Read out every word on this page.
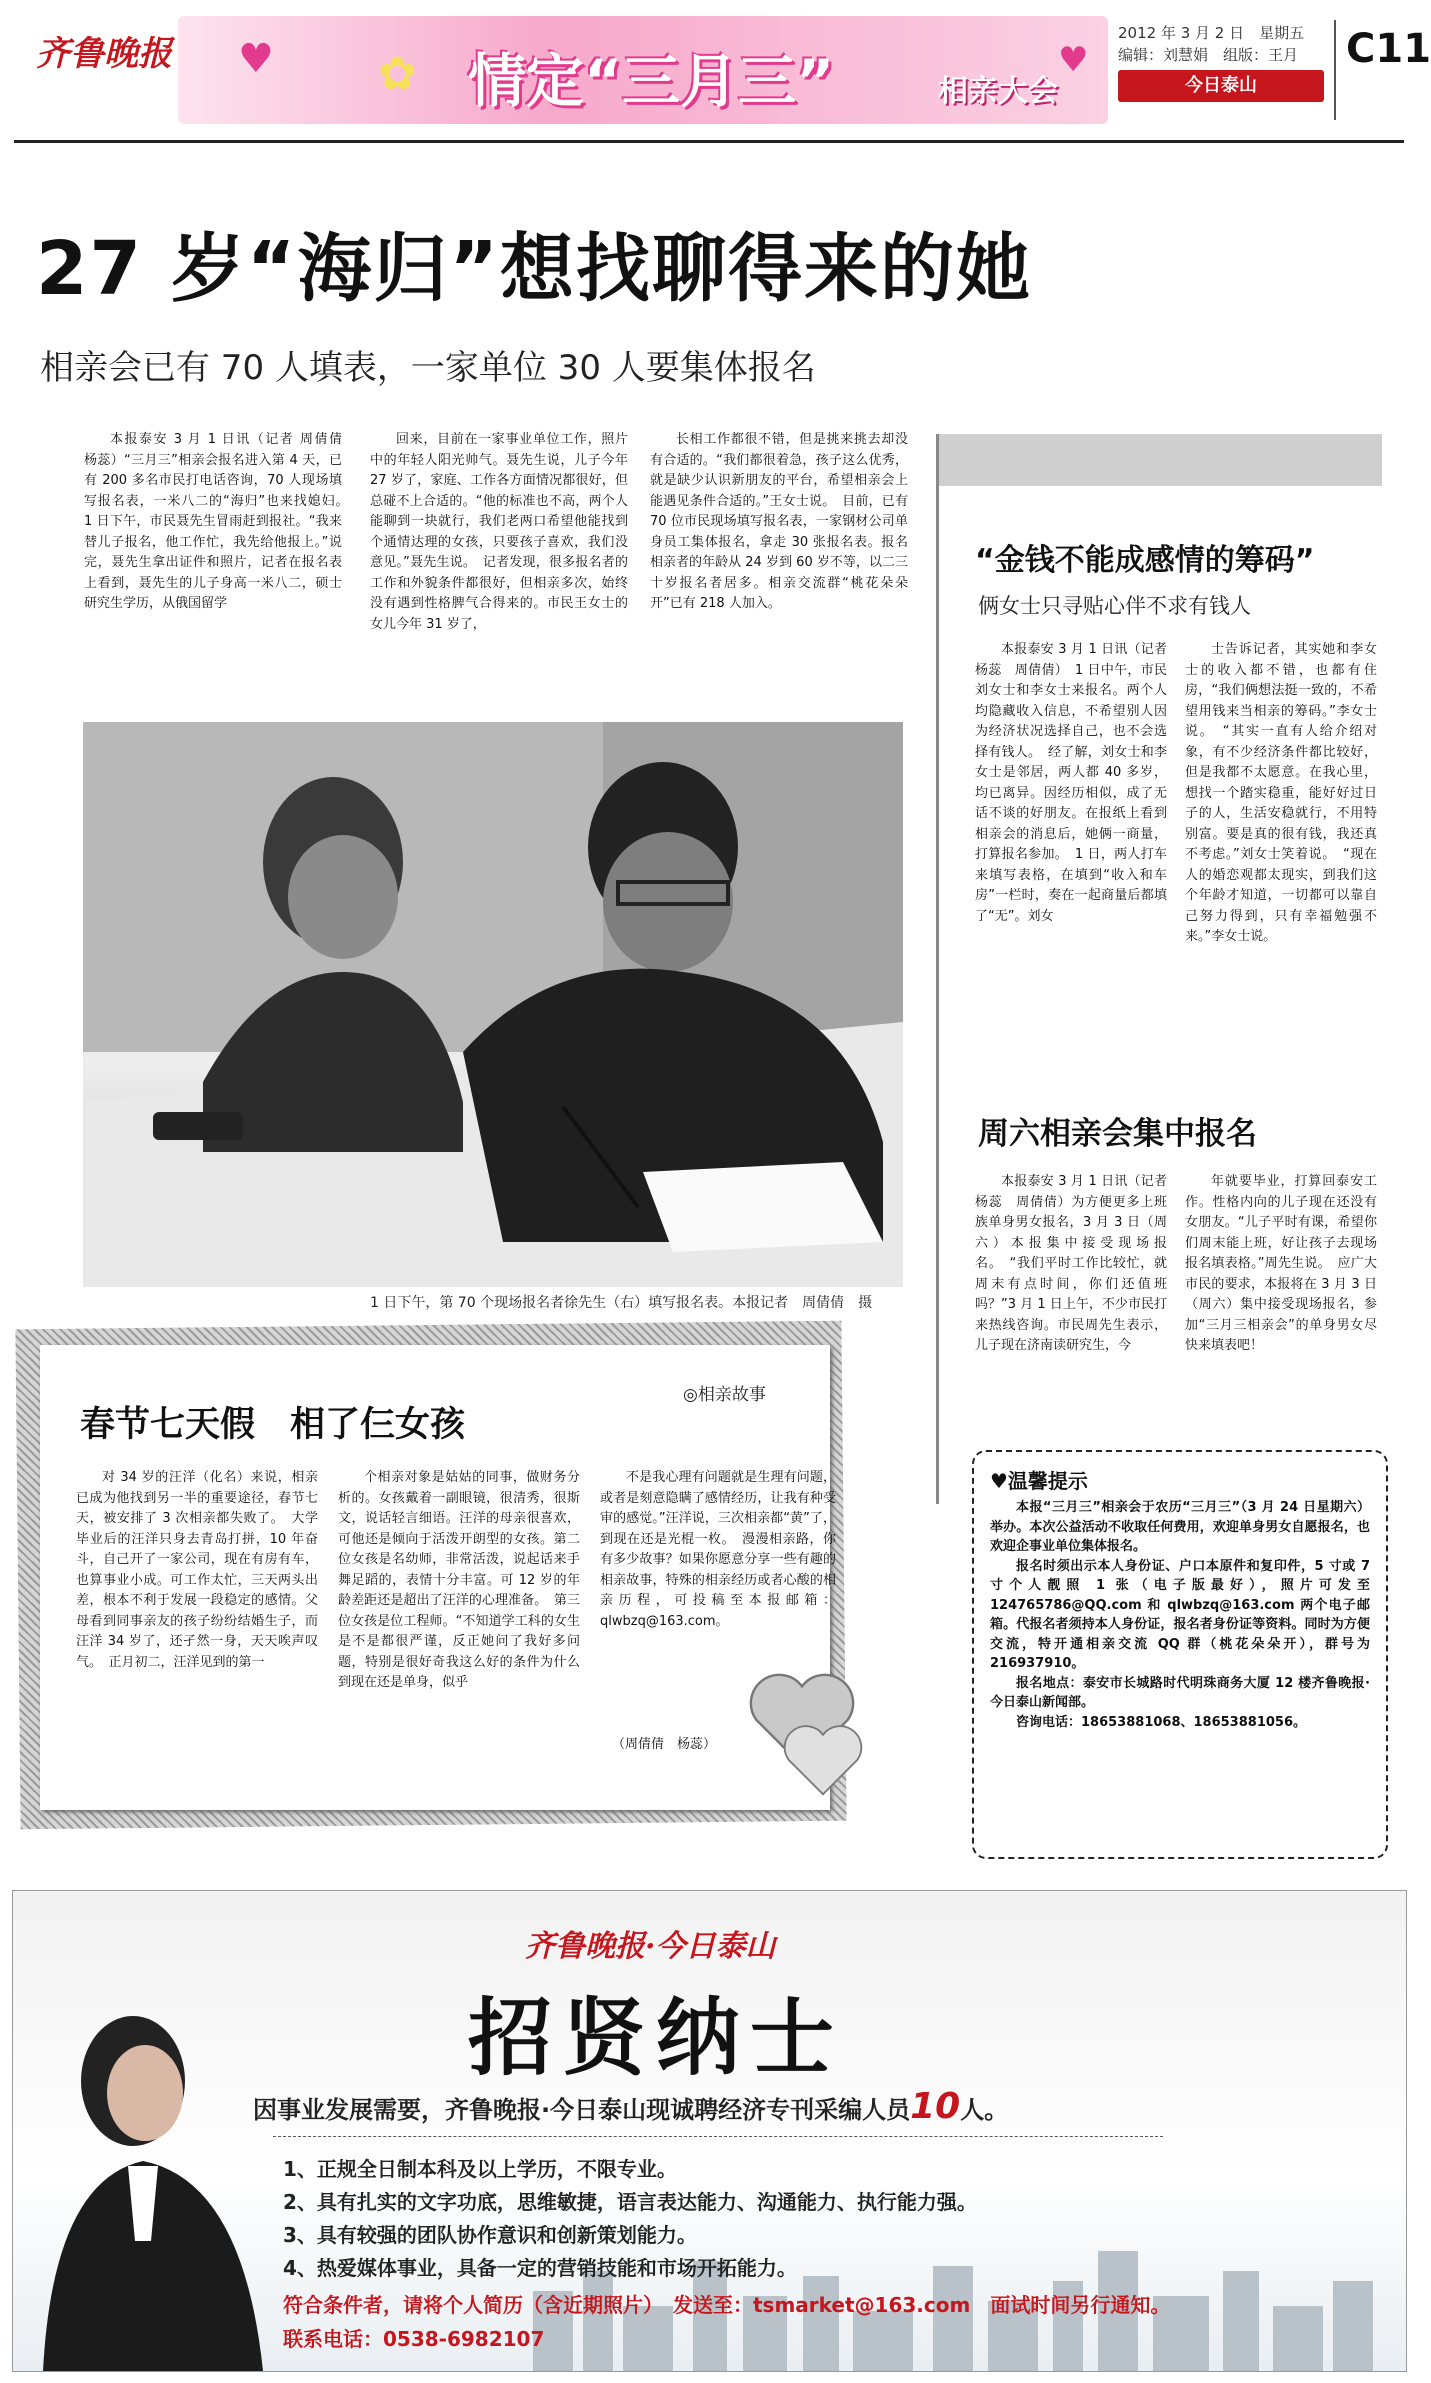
齐鲁晚报	情定“三月三”	相亲大会
✿
♥	♥
2012 年 3 月 2 日　星期五
编辑：刘慧娟　组版：王月
今日泰山
C11
27 岁“海归”想找聊得来的她
相亲会已有 70 人填表，一家单位 30 人要集体报名

本报泰安 3 月 1 日讯（记者 周倩倩　杨蕊）“三月三”相亲会报名进入第 4 天，已有 200 多名市民打电话咨询，70 人现场填写报名表，一米八二的“海归”也来找媳妇。　1 日下午，市民聂先生冒雨赶到报社。“我来替儿子报名，他工作忙，我先给他报上。”说完，聂先生拿出证件和照片，记者在报名表上看到，聂先生的儿子身高一米八二，硕士研究生学历，从俄国留学

回来，目前在一家事业单位工作，照片中的年轻人阳光帅气。聂先生说，儿子今年 27 岁了，家庭、工作各方面情况都很好，但总碰不上合适的。“他的标准也不高，两个人能聊到一块就行，我们老两口希望他能找到个通情达理的女孩，只要孩子喜欢，我们没意见。”聂先生说。　记者发现，很多报名者的工作和外貌条件都很好，但相亲多次，始终没有遇到性格脾气合得来的。市民王女士的女儿今年 31 岁了，

长相工作都很不错，但是挑来挑去却没有合适的。“我们都很着急，孩子这么优秀，就是缺少认识新朋友的平台，希望相亲会上能遇见条件合适的。”王女士说。　目前，已有 70 位市民现场填写报名表，一家钢材公司单身员工集体报名，拿走 30 张报名表。报名相亲者的年龄从 24 岁到 60 岁不等，以二三十岁报名者居多。相亲交流群“桃花朵朵开”已有 218 人加入。

1 日下午，第 70 个现场报名者徐先生（右）填写报名表。本报记者　周倩倩　摄
“金钱不能成感情的筹码”
俩女士只寻贴心伴不求有钱人

本报泰安 3 月 1 日讯（记者　杨蕊　周倩倩）　1 日中午，市民刘女士和李女士来报名。两个人均隐藏收入信息，不希望别人因为经济状况选择自己，也不会选择有钱人。　经了解，刘女士和李女士是邻居，两人都 40 多岁，均已离异。因经历相似，成了无话不谈的好朋友。在报纸上看到相亲会的消息后，她俩一商量，打算报名参加。　1 日，两人打车来填写表格，在填到“收入和车房”一栏时，奏在一起商量后都填了“无”。刘女

士告诉记者，其实她和李女士的收入都不错，也都有住房，“我们俩想法挺一致的，不希望用钱来当相亲的筹码。”李女士说。　“其实一直有人给介绍对象，有不少经济条件都比较好，但是我都不太愿意。在我心里，想找一个踏实稳重，能好好过日子的人，生活安稳就行，不用特别富。要是真的很有钱，我还真不考虑。”刘女士笑着说。　“现在人的婚恋观都太现实，到我们这个年龄才知道，一切都可以靠自己努力得到，只有幸福勉强不来。”李女士说。

周六相亲会集中报名

本报泰安 3 月 1 日讯（记者　杨蕊　周倩倩）为方便更多上班族单身男女报名，3 月 3 日（周六）本报集中接受现场报名。　“我们平时工作比较忙，就周末有点时间，你们还值班吗？”3 月 1 日上午，不少市民打来热线咨询。市民周先生表示，儿子现在济南读研究生，今

年就要毕业，打算回泰安工作。性格内向的儿子现在还没有女朋友。“儿子平时有课，希望你们周末能上班，好让孩子去现场报名填表格。”周先生说。　应广大市民的要求，本报将在 3 月 3 日（周六）集中接受现场报名，参加“三月三相亲会”的单身男女尽快来填表吧！

♥温馨提示

本报“三月三”相亲会于农历“三月三”（3 月 24 日星期六）举办。本次公益活动不收取任何费用，欢迎单身男女自愿报名，也欢迎企事业单位集体报名。

报名时须出示本人身份证、户口本原件和复印件，5 寸或 7 寸个人靓照 1 张（电子版最好），照片可发至 124765786@QQ.com 和 qlwbzq@163.com 两个电子邮箱。代报名者须持本人身份证，报名者身份证等资料。同时为方便交流，特开通相亲交流 QQ 群（桃花朵朵开），群号为 216937910。

报名地点：泰安市长城路时代明珠商务大厦 12 楼齐鲁晚报·今日泰山新闻部。

咨询电话：18653881068、18653881056。

春节七天假　相了仨女孩
◎相亲故事

对 34 岁的汪洋（化名）来说，相亲已成为他找到另一半的重要途径，春节七天，被安排了 3 次相亲都失败了。　大学毕业后的汪洋只身去青岛打拼，10 年奋斗，自己开了一家公司，现在有房有车，也算事业小成。可工作太忙，三天两头出差，根本不利于发展一段稳定的感情。父母看到同事亲友的孩子纷纷结婚生子，而汪洋 34 岁了，还孑然一身，天天唉声叹气。　正月初二，汪洋见到的第一

个相亲对象是姑姑的同事，做财务分析的。女孩戴着一副眼镜，很清秀，很斯文，说话轻言细语。汪洋的母亲很喜欢，可他还是倾向于活泼开朗型的女孩。第二位女孩是名幼师，非常活泼，说起话来手舞足蹈的，表情十分丰富。可 12 岁的年龄差距还是超出了汪洋的心理准备。　第三位女孩是位工程师。“不知道学工科的女生是不是都很严谨，反正她问了我好多问题，特别是很好奇我这么好的条件为什么到现在还是单身，似乎

不是我心理有问题就是生理有问题，或者是刻意隐瞒了感情经历，让我有种受审的感觉。”汪洋说，三次相亲都“黄”了，到现在还是光棍一枚。　漫漫相亲路，你有多少故事？如果你愿意分享一些有趣的相亲故事，特殊的相亲经历或者心酸的相亲历程，可投稿至本报邮箱：qlwbzq@163.com。

（周倩倩　杨蕊）
齐鲁晚报·今日泰山
招贤纳士
因事业发展需要，齐鲁晚报·今日泰山现诚聘经济专刊采编人员10人。
1、正规全日制本科及以上学历，不限专业。
2、具有扎实的文字功底，思维敏捷，语言表达能力、沟通能力、执行能力强。
3、具有较强的团队协作意识和创新策划能力。
4、热爱媒体事业，具备一定的营销技能和市场开拓能力。
符合条件者，请将个人简历（含近期照片）　发送至：tsmarket@163.com　面试时间另行通知。
联系电话：0538-6982107
